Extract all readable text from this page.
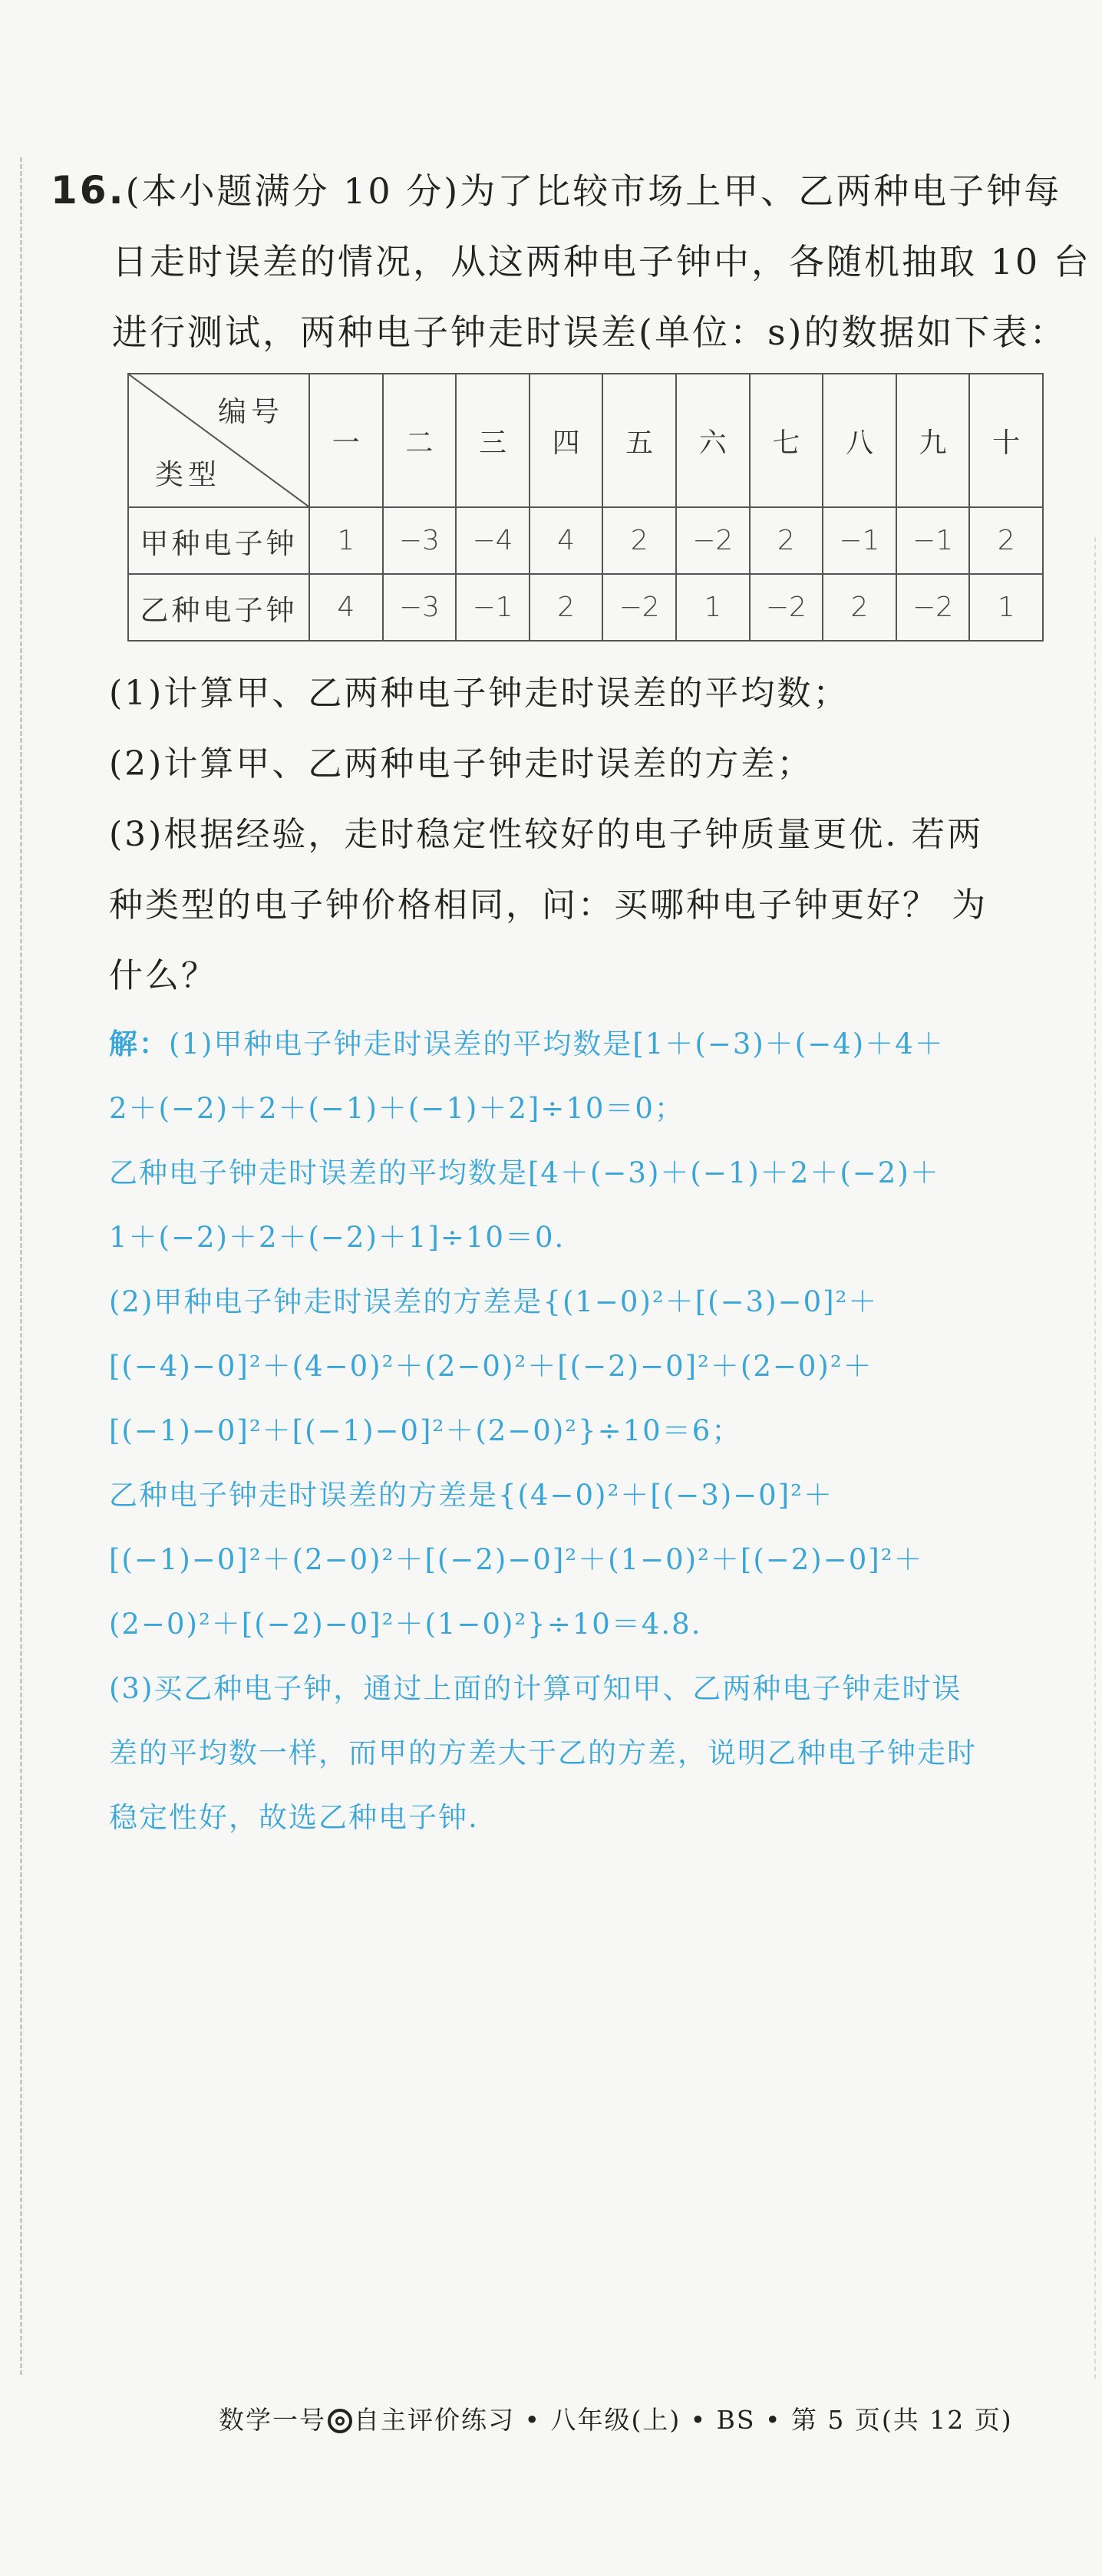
16.(本小题满分 10 分)为了比较市场上甲、乙两种电子钟每
日走时误差的情况，从这两种电子钟中，各随机抽取 10 台
进行测试，两种电子钟走时误差(单位：s)的数据如下表：
编号
类型	一	二	三	四	五	六	七	八	九	十
甲种电子钟	1	−3	−4	4	2	−2	2	−1	−1	2
乙种电子钟	4	−3	−1	2	−2	1	−2	2	−2	1
(1)计算甲、乙两种电子钟走时误差的平均数；
(2)计算甲、乙两种电子钟走时误差的方差；
(3)根据经验，走时稳定性较好的电子钟质量更优. 若两
种类型的电子钟价格相同，问：买哪种电子钟更好？ 为
什么？
解：(1)甲种电子钟走时误差的平均数是[1＋(−3)＋(−4)＋4＋
2＋(−2)＋2＋(−1)＋(−1)＋2]÷10＝0；
乙种电子钟走时误差的平均数是[4＋(−3)＋(−1)＋2＋(−2)＋
1＋(−2)＋2＋(−2)＋1]÷10＝0.
(2)甲种电子钟走时误差的方差是{(1−0)²＋[(−3)−0]²＋
[(−4)−0]²＋(4−0)²＋(2−0)²＋[(−2)−0]²＋(2−0)²＋
[(−1)−0]²＋[(−1)−0]²＋(2−0)²}÷10＝6；
乙种电子钟走时误差的方差是{(4−0)²＋[(−3)−0]²＋
[(−1)−0]²＋(2−0)²＋[(−2)−0]²＋(1−0)²＋[(−2)−0]²＋
(2−0)²＋[(−2)−0]²＋(1−0)²}÷10＝4.8.
(3)买乙种电子钟，通过上面的计算可知甲、乙两种电子钟走时误
差的平均数一样，而甲的方差大于乙的方差，说明乙种电子钟走时
稳定性好，故选乙种电子钟.
数学一号 自主评价练习 • 八年级(上) • BS • 第 5 页(共 12 页)
